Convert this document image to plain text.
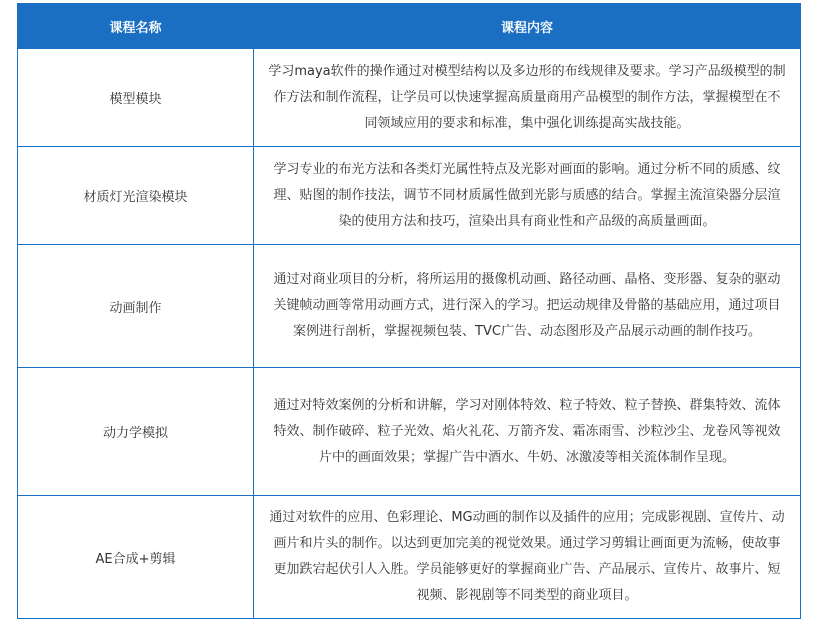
课程名称	课程内容
模型模块	学习maya软件的操作通过对模型结构以及多边形的布线规律及要求。学习产品级模型的制作方法和制作流程，让学员可以快速掌握高质量商用产品模型的制作方法，掌握模型在不同领域应用的要求和标准，集中强化训练提高实战技能。
材质灯光渲染模块	学习专业的布光方法和各类灯光属性特点及光影对画面的影响。通过分析不同的质感、纹理、贴图的制作技法，调节不同材质属性做到光影与质感的结合。掌握主流渲染器分层渲染的使用方法和技巧，渲染出具有商业性和产品级的高质量画面。
动画制作	通过对商业项目的分析，将所运用的摄像机动画、路径动画、晶格、变形器、复杂的驱动关键帧动画等常用动画方式，进行深入的学习。把运动规律及骨骼的基础应用，通过项目案例进行剖析，掌握视频包装、TVC广告、动态图形及产品展示动画的制作技巧。
动力学模拟	通过对特效案例的分析和讲解，学习对刚体特效、粒子特效、粒子替换、群集特效、流体特效、制作破碎、粒子光效、焰火礼花、万箭齐发、霜冻雨雪、沙粒沙尘、龙卷风等视效片中的画面效果；掌握广告中酒水、牛奶、冰激凌等相关流体制作呈现。
AE合成+剪辑	通过对软件的应用、色彩理论、MG动画的制作以及插件的应用；完成影视剧、宣传片、动画片和片头的制作。以达到更加完美的视觉效果。通过学习剪辑让画面更为流畅，使故事更加跌宕起伏引人入胜。学员能够更好的掌握商业广告、产品展示、宣传片、故事片、短视频、影视剧等不同类型的商业项目。
